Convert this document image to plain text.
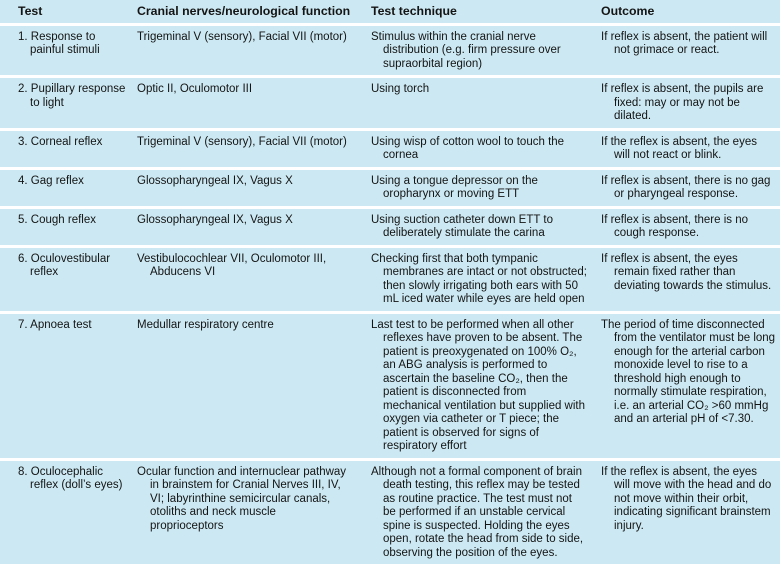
Test	Cranial nerves/neurological function	Test technique	Outcome
1. Response to painful stimuli	Trigeminal V (sensory), Facial VII (motor)	Stimulus within the cranial nerve distribution (e.g. firm pressure over supraorbital region)	If reflex is absent, the patient will not grimace or react.
2. Pupillary response to light	Optic II, Oculomotor III	Using torch	If reflex is absent, the pupils are fixed: may or may not be dilated.
3. Corneal reflex	Trigeminal V (sensory), Facial VII (motor)	Using wisp of cotton wool to touch the cornea	If the reflex is absent, the eyes will not react or blink.
4. Gag reflex	Glossopharyngeal IX, Vagus X	Using a tongue depressor on the oropharynx or moving ETT	If reflex is absent, there is no gag or pharyngeal response.
5. Cough reflex	Glossopharyngeal IX, Vagus X	Using suction catheter down ETT to deliberately stimulate the carina	If reflex is absent, there is no cough response.
6. Oculovestibular reflex	Vestibulocochlear VII, Oculomotor III, Abducens VI	Checking first that both tympanic membranes are intact or not obstructed; then slowly irrigating both ears with 50 mL iced water while eyes are held open	If reflex is absent, the eyes remain fixed rather than deviating towards the stimulus.
7. Apnoea test	Medullar respiratory centre	Last test to be performed when all other reflexes have proven to be absent. The patient is preoxygenated on 100% O₂, an ABG analysis is performed to ascertain the baseline CO₂, then the patient is disconnected from mechanical ventilation but supplied with oxygen via catheter or T piece; the patient is observed for signs of respiratory effort	The period of time disconnected from the ventilator must be long enough for the arterial carbon monoxide level to rise to a threshold high enough to normally stimulate respiration, i.e. an arterial CO₂ >60 mmHg and an arterial pH of <7.30.
8. Oculocephalic reflex (doll’s eyes)	Ocular function and internuclear pathway in brainstem for Cranial Nerves III, IV, VI; labyrinthine semicircular canals, otoliths and neck muscle proprioceptors	Although not a formal component of brain death testing, this reflex may be tested as routine practice. The test must not be performed if an unstable cervical spine is suspected. Holding the eyes open, rotate the head from side to side, observing the position of the eyes.	If the reflex is absent, the eyes will move with the head and do not move within their orbit, indicating significant brainstem injury.
